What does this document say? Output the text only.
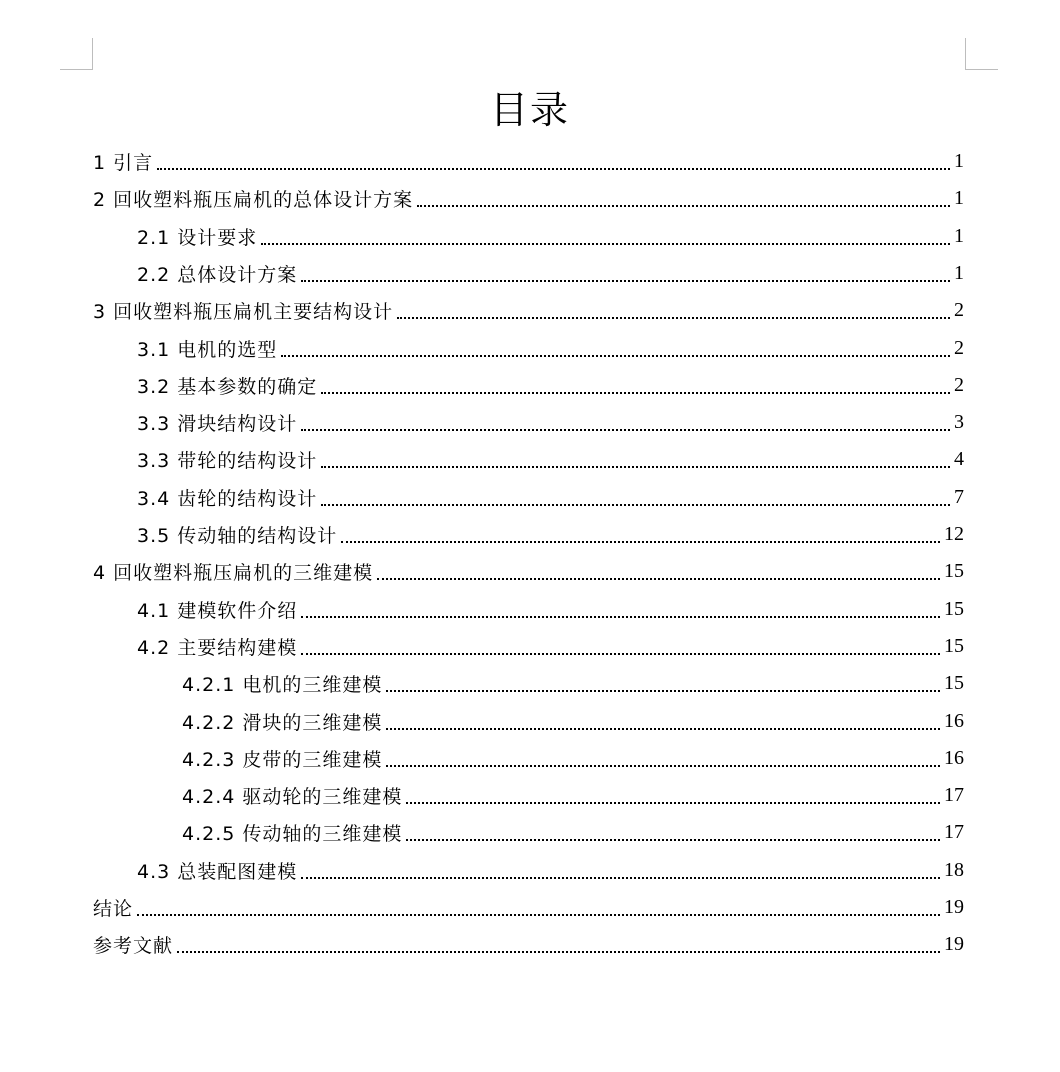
目录
1 引言	1
2 回收塑料瓶压扁机的总体设计方案	1
2.1 设计要求	1
2.2 总体设计方案	1
3 回收塑料瓶压扁机主要结构设计	2
3.1 电机的选型	2
3.2 基本参数的确定	2
3.3 滑块结构设计	3
3.3 带轮的结构设计	4
3.4 齿轮的结构设计	7
3.5 传动轴的结构设计	12
4 回收塑料瓶压扁机的三维建模	15
4.1 建模软件介绍	15
4.2 主要结构建模	15
4.2.1 电机的三维建模	15
4.2.2 滑块的三维建模	16
4.2.3 皮带的三维建模	16
4.2.4 驱动轮的三维建模	17
4.2.5 传动轴的三维建模	17
4.3 总装配图建模	18
结论	19
参考文献	19
